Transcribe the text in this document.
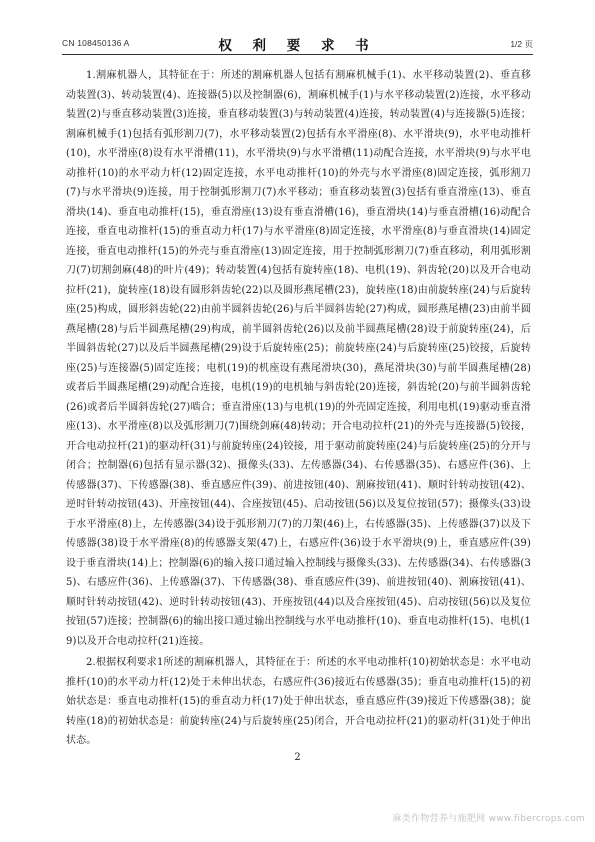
CN 108450136 A	权 利 要 求 书	1/2 页

1.割麻机器人，其特征在于：所述的割麻机器人包括有割麻机械手(1)、水平移动装置(2)、垂直移动装置(3)、转动装置(4)、连接器(5)以及控制器(6)，割麻机械手(1)与水平移动装置(2)连接，水平移动装置(2)与垂直移动装置(3)连接，垂直移动装置(3)与转动装置(4)连接，转动装置(4)与连接器(5)连接；割麻机械手(1)包括有弧形割刀(7)，水平移动装置(2)包括有水平滑座(8)、水平滑块(9)，水平电动推杆(10)，水平滑座(8)设有水平滑槽(11)，水平滑块(9)与水平滑槽(11)动配合连接，水平滑块(9)与水平电动推杆(10)的水平动力杆(12)固定连接，水平电动推杆(10)的外壳与水平滑座(8)固定连接，弧形割刀(7)与水平滑块(9)连接，用于控制弧形割刀(7)水平移动；垂直移动装置(3)包括有垂直滑座(13)、垂直滑块(14)、垂直电动推杆(15)，垂直滑座(13)设有垂直滑槽(16)，垂直滑块(14)与垂直滑槽(16)动配合连接，垂直电动推杆(15)的垂直动力杆(17)与水平滑座(8)固定连接，水平滑座(8)与垂直滑块(14)固定连接，垂直电动推杆(15)的外壳与垂直滑座(13)固定连接，用于控制弧形割刀(7)垂直移动，利用弧形割刀(7)切割剑麻(48)的叶片(49)；转动装置(4)包括有旋转座(18)、电机(19)、斜齿轮(20)以及开合电动拉杆(21)，旋转座(18)设有圆形斜齿轮(22)以及圆形燕尾槽(23)，旋转座(18)由前旋转座(24)与后旋转座(25)构成，圆形斜齿轮(22)由前半圆斜齿轮(26)与后半圆斜齿轮(27)构成，圆形燕尾槽(23)由前半圆燕尾槽(28)与后半圆燕尾槽(29)构成，前半圆斜齿轮(26)以及前半圆燕尾槽(28)设于前旋转座(24)，后半圆斜齿轮(27)以及后半圆燕尾槽(29)设于后旋转座(25)；前旋转座(24)与后旋转座(25)铰接，后旋转座(25)与连接器(5)固定连接；电机(19)的机座设有燕尾滑块(30)，燕尾滑块(30)与前半圆燕尾槽(28)或者后半圆燕尾槽(29)动配合连接，电机(19)的电机轴与斜齿轮(20)连接，斜齿轮(20)与前半圆斜齿轮(26)或者后半圆斜齿轮(27)啮合；垂直滑座(13)与电机(19)的外壳固定连接，利用电机(19)驱动垂直滑座(13)、水平滑座(8)以及弧形割刀(7)围绕剑麻(48)转动；开合电动拉杆(21)的外壳与连接器(5)铰接，开合电动拉杆(21)的驱动杆(31)与前旋转座(24)铰接，用于驱动前旋转座(24)与后旋转座(25)的分开与闭合；控制器(6)包括有显示器(32)、摄像头(33)、左传感器(34)、右传感器(35)、右感应件(36)、上传感器(37)、下传感器(38)、垂直感应件(39)、前进按钮(40)、割麻按钮(41)、顺时针转动按钮(42)、逆时针转动按钮(43)、开座按钮(44)、合座按钮(45)、启动按钮(56)以及复位按钮(57)；摄像头(33)设于水平滑座(8)上，左传感器(34)设于弧形割刀(7)的刀架(46)上，右传感器(35)、上传感器(37)以及下传感器(38)设于水平滑座(8)的传感器支架(47)上，右感应件(36)设于水平滑块(9)上，垂直感应件(39)设于垂直滑块(14)上；控制器(6)的输入接口通过输入控制线与摄像头(33)、左传感器(34)、右传感器(35)、右感应件(36)、上传感器(37)、下传感器(38)、垂直感应件(39)、前进按钮(40)、割麻按钮(41)、顺时针转动按钮(42)、逆时针转动按钮(43)、开座按钮(44)以及合座按钮(45)、启动按钮(56)以及复位按钮(57)连接；控制器(6)的输出接口通过输出控制线与水平电动推杆(10)、垂直电动推杆(15)、电机(19)以及开合电动拉杆(21)连接。

2.根据权利要求1所述的割麻机器人，其特征在于：所述的水平电动推杆(10)初始状态是：水平电动推杆(10)的水平动力杆(12)处于未伸出状态，右感应件(36)接近右传感器(35)；垂直电动推杆(15)的初始状态是：垂直电动推杆(15)的垂直动力杆(17)处于伸出状态，垂直感应件(39)接近下传感器(38)；旋转座(18)的初始状态是：前旋转座(24)与后旋转座(25)闭合，开合电动拉杆(21)的驱动杆(31)处于伸出状态。

2
麻类作物营养与施肥网 www.fibercrops.com
